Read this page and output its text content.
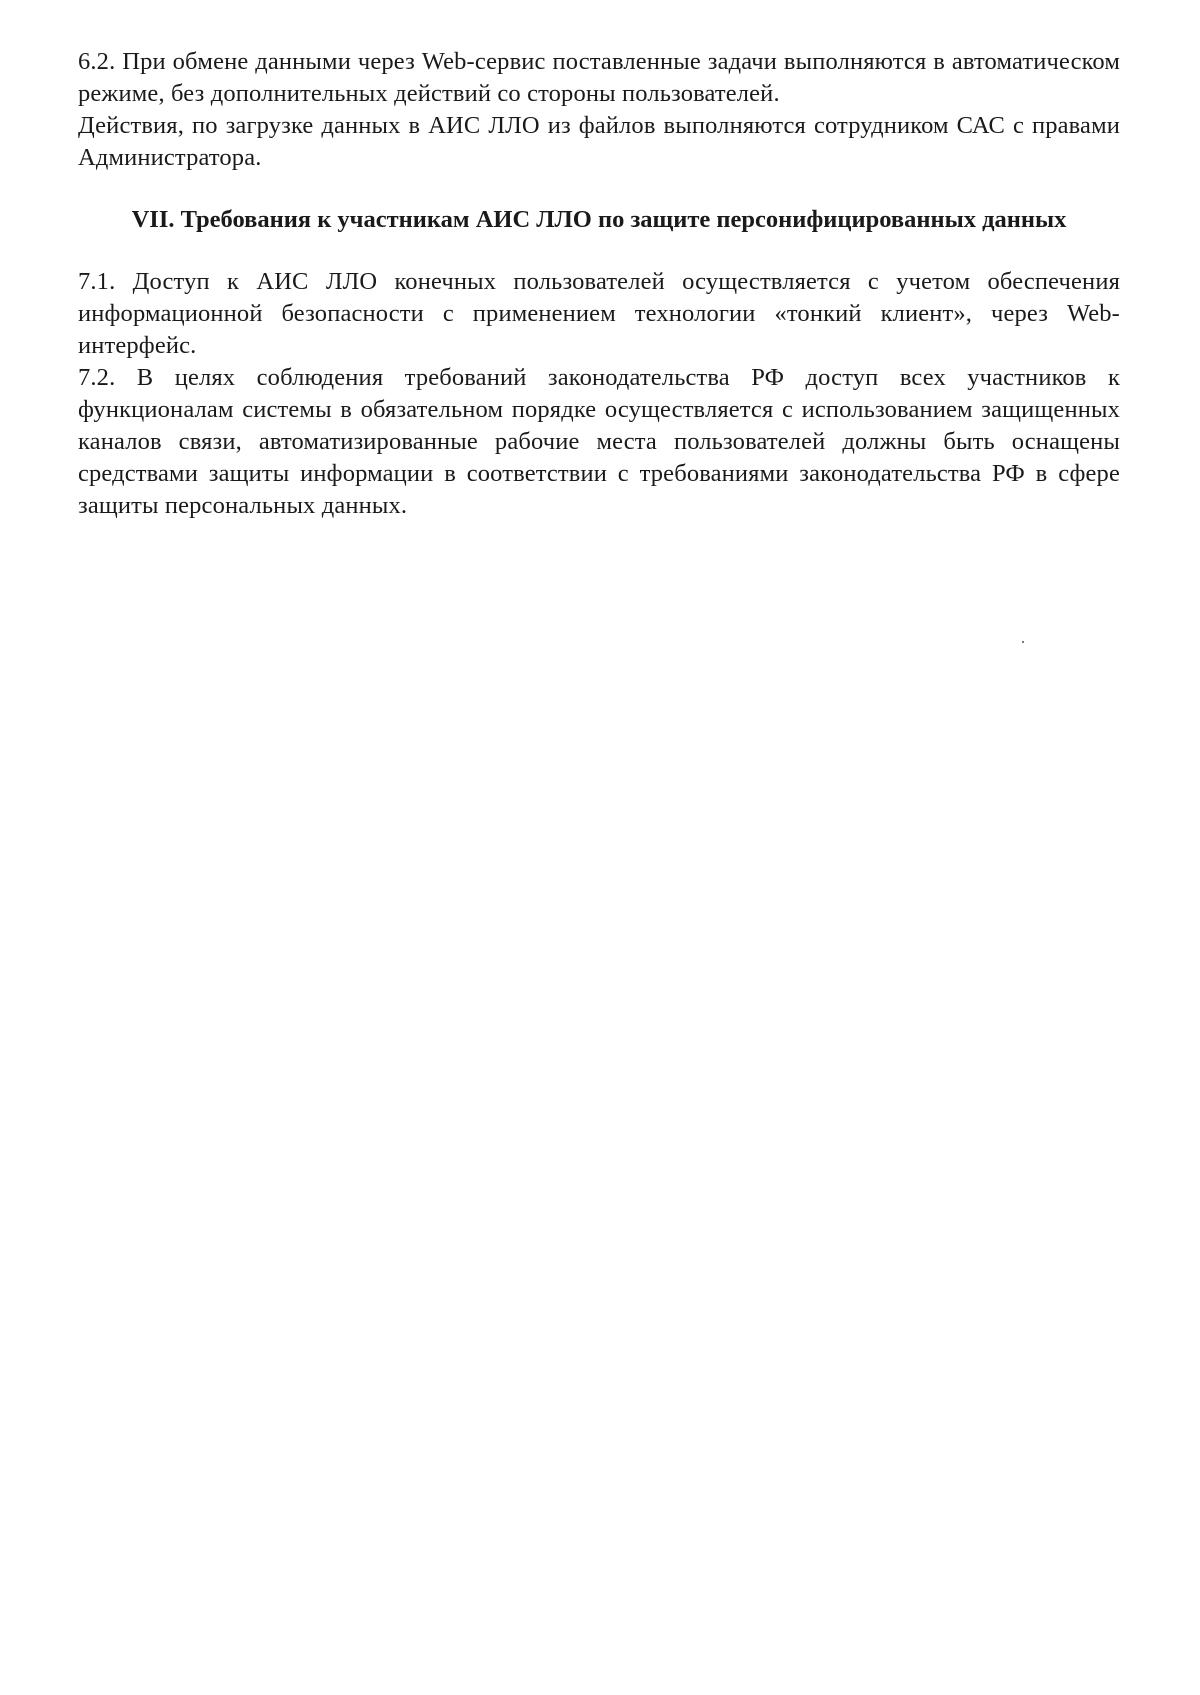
6.2. При обмене данными через Web-сервис поставленные задачи выполняются в автоматическом режиме, без дополнительных действий со стороны пользователей.

Действия, по загрузке данных в АИС ЛЛО из файлов выполняются сотрудником САС с правами Администратора.

VII. Требования к участникам АИС ЛЛО по защите персонифицированных данных

7.1. Доступ к АИС ЛЛО конечных пользователей осуществляется с учетом обеспечения информационной безопасности с применением технологии «тонкий клиент», через Web-интерфейс.

7.2. В целях соблюдения требований законодательства РФ доступ всех участников к функционалам системы в обязательном порядке осуществляется с использованием защищенных каналов связи, автоматизированные рабочие места пользователей должны быть оснащены средствами защиты информации в соответствии с требованиями законодательства РФ в сфере защиты персональных данных.
